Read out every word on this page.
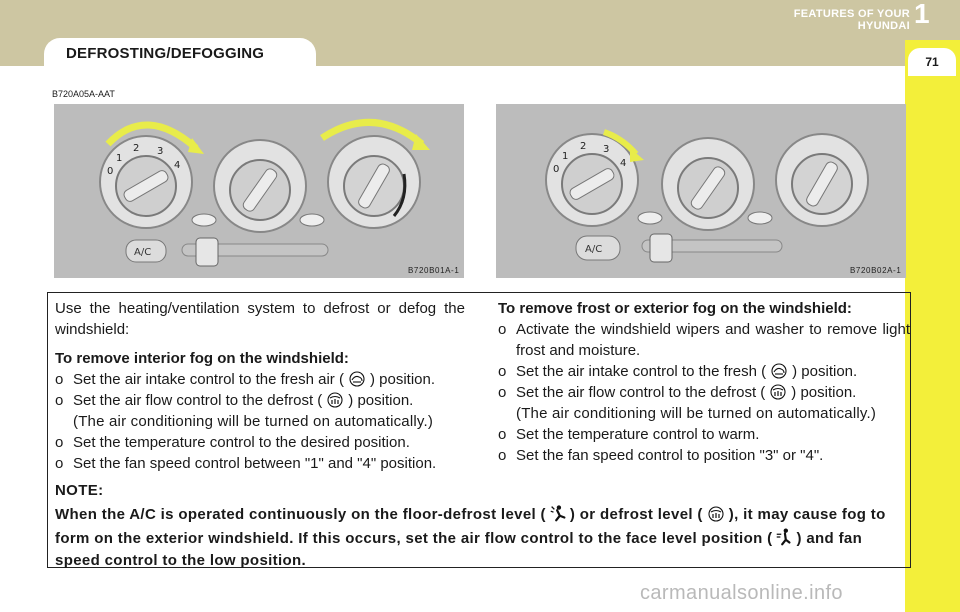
DEFROSTING/DEFOGGING
FEATURES OF YOUR HYUNDAI 1
71
B720A05A-AAT
1
2 3
0
4
A/C
B720B01A-1
1
2 3
0
4
A/C
B720B02A-1

Use the heating/ventilation system to defrost or defog the windshield:

To remove interior fog on the windshield:

o Set the air intake control to the fresh air ( ) position.
o Set the air flow control to the defrost ( ) position.
(The air conditioning will be turned on automatically.)
o Set the temperature control to the desired position.
o Set the fan speed control between "1" and "4" position.

To remove frost or exterior fog on the windshield:

o Activate the windshield wipers and washer to remove light frost and moisture.
o Set the air intake control to the fresh ( ) position.
o Set the air flow control to the defrost ( ) position.
(The air conditioning will be turned on automatically.)
o Set the temperature control to warm.
o Set the fan speed control to position "3" or "4".
NOTE:
When the A/C is operated continuously on the floor-defrost level ( ) or defrost level ( ), it may cause fog to form on the exterior windshield. If this occurs, set the air flow control to the face level position ( ) and fan speed control to the low position.
carmanualsonline.info
